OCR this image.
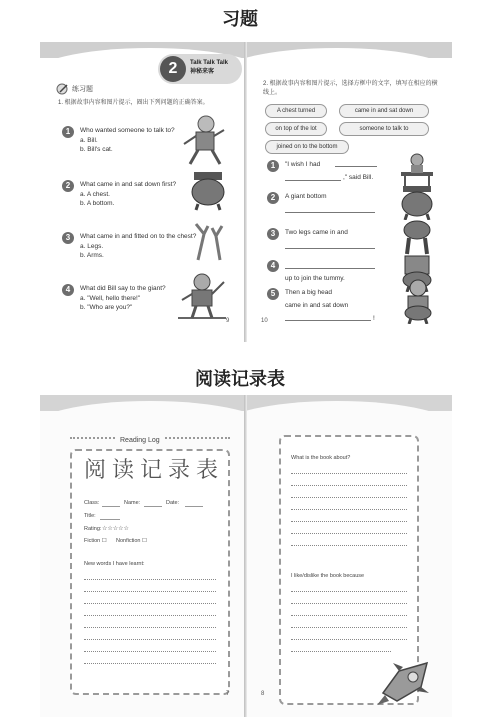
习题
2	Talk Talk Talk
神秘来客
练习题
1. 根据故事内容和图片提示，圈出下列问题的正确答案。
1	Who wanted someone to talk to?
a. Bill.
b. Bill's cat.
2	What came in and sat down first?
a. A chest.
b. A bottom.
3	What came in and fitted on to the chest?
a. Legs.
b. Arms.
4	What did Bill say to the giant?
a. "Well, hello there!"
b. "Who are you?"
9
2. 根据故事内容和图片提示，选择方框中的文字，填写在相应的横线上。
A chest turned	came in and sat down
on top of the lot	someone to talk to
joined on to the bottom
1	"I wish I had
," said Bill.
2	A giant bottom
3	Two legs came in and
4
up to join the tummy.
5	Then a big head
came in and sat down
!
10
阅读记录表
Reading Log
阅读记录表
Class:	Name:	Date:
Title:
Rating: ☆☆☆☆☆
Fiction ☐ Nonfiction ☐
New words I have learnt:
7
What is the book about?
I like/dislike the book because
8
